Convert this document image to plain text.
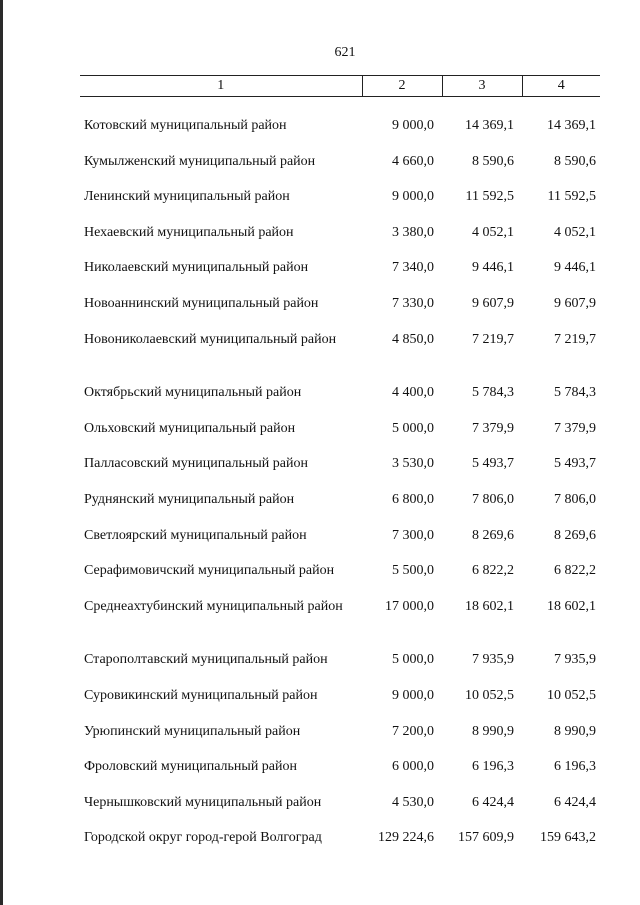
621
1	2	3	4
Котовский муниципальный район	9 000,0	14 369,1	14 369,1
Кумылженский муниципальный район	4 660,0	8 590,6	8 590,6
Ленинский муниципальный район	9 000,0	11 592,5	11 592,5
Нехаевский муниципальный район	3 380,0	4 052,1	4 052,1
Николаевский муниципальный район	7 340,0	9 446,1	9 446,1
Новоаннинский муниципальный район	7 330,0	9 607,9	9 607,9
Новониколаевский муниципальный район	4 850,0	7 219,7	7 219,7
Октябрьский муниципальный район	4 400,0	5 784,3	5 784,3
Ольховский муниципальный район	5 000,0	7 379,9	7 379,9
Палласовский муниципальный район	3 530,0	5 493,7	5 493,7
Руднянский муниципальный район	6 800,0	7 806,0	7 806,0
Светлоярский муниципальный район	7 300,0	8 269,6	8 269,6
Серафимовичский муниципальный район	5 500,0	6 822,2	6 822,2
Среднеахтубинский муниципальный район	17 000,0	18 602,1	18 602,1
Старополтавский муниципальный район	5 000,0	7 935,9	7 935,9
Суровикинский муниципальный район	9 000,0	10 052,5	10 052,5
Урюпинский муниципальный район	7 200,0	8 990,9	8 990,9
Фроловский муниципальный район	6 000,0	6 196,3	6 196,3
Чернышковский муниципальный район	4 530,0	6 424,4	6 424,4
Городской округ город-герой Волгоград	129 224,6	157 609,9	159 643,2
